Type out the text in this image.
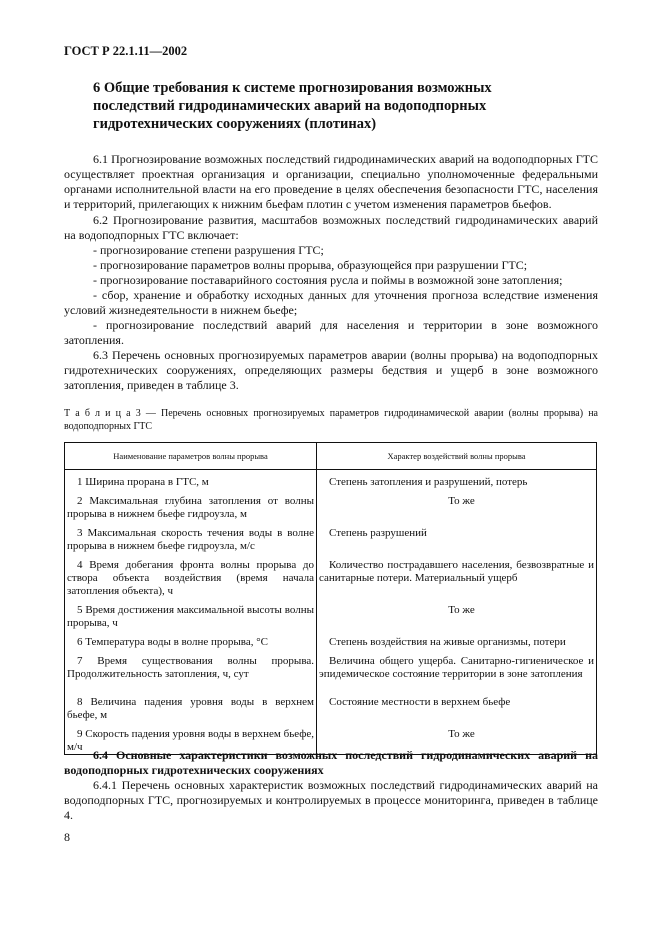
ГОСТ Р 22.1.11—2002
6 Общие требования к системе прогнозирования возможных последствий гидродинамических аварий на водоподпорных гидротехнических сооружениях (плотинах)

6.1 Прогнозирование возможных последствий гидродинамических аварий на водоподпорных ГТС осуществляет проектная организация и организации, специально уполномоченные федеральными органами исполнительной власти на его проведение в целях обеспечения безопасности ГТС, населения и территорий, прилегающих к нижним бьефам плотин с учетом изменения параметров бьефов.

6.2 Прогнозирование развития, масштабов возможных последствий гидродинамических аварий на водоподпорных ГТС включает:

- прогнозирование степени разрушения ГТС;

- прогнозирование параметров волны прорыва, образующейся при разрушении ГТС;

- прогнозирование поставарийного состояния русла и поймы в возможной зоне затопления;

- сбор, хранение и обработку исходных данных для уточнения прогноза вследствие изменения условий жизнедеятельности в нижнем бьефе;

- прогнозирование последствий аварий для населения и территории в зоне возможного затопления.

6.3 Перечень основных прогнозируемых параметров аварии (волны прорыва) на водоподпорных гидротехнических сооружениях, определяющих размеры бедствия и ущерб в зоне возможного затопления, приведен в таблице 3.

Т а б л и ц а 3 — Перечень основных прогнозируемых параметров гидродинамической аварии (волны прорыва) на водоподпорных ГТС
Наименование параметров волны прорыва	Характер воздействий волны прорыва

1 Ширина прорана в ГТС, м	Степень затопления и разрушений, потерь

2 Максимальная глубина затопления от волны прорыва в нижнем бьефе гидроузла, м	То же

3 Максимальная скорость течения воды в волне прорыва в нижнем бьефе гидроузла, м/с	Степень разрушений

4 Время добегания фронта волны прорыва до створа объекта воздействия (время начала затопления объекта), ч	Количество пострадавшего населения, безвозвратные и санитарные потери. Материальный ущерб

5 Время достижения максимальной высоты волны прорыва, ч	То же

6 Температура воды в волне прорыва, °С	Степень воздействия на живые организмы, потери

7 Время существования волны прорыва. Продолжительность затопления, ч, сут	Величина общего ущерба. Санитарно-гигиеническое и эпидемическое состояние территории в зоне затопления

8 Величина падения уровня воды в верхнем бьефе, м	Состояние местности в верхнем бьефе

9 Скорость падения уровня воды в верхнем бьефе, м/ч	То же

6.4 Основные характеристики возможных последствий гидродинамических аварий на водоподпорных гидротехнических сооружениях

6.4.1 Перечень основных характеристик возможных последствий гидродинамических аварий на водоподпорных ГТС, прогнозируемых и контролируемых в процессе мониторинга, приведен в таблице 4.

8
